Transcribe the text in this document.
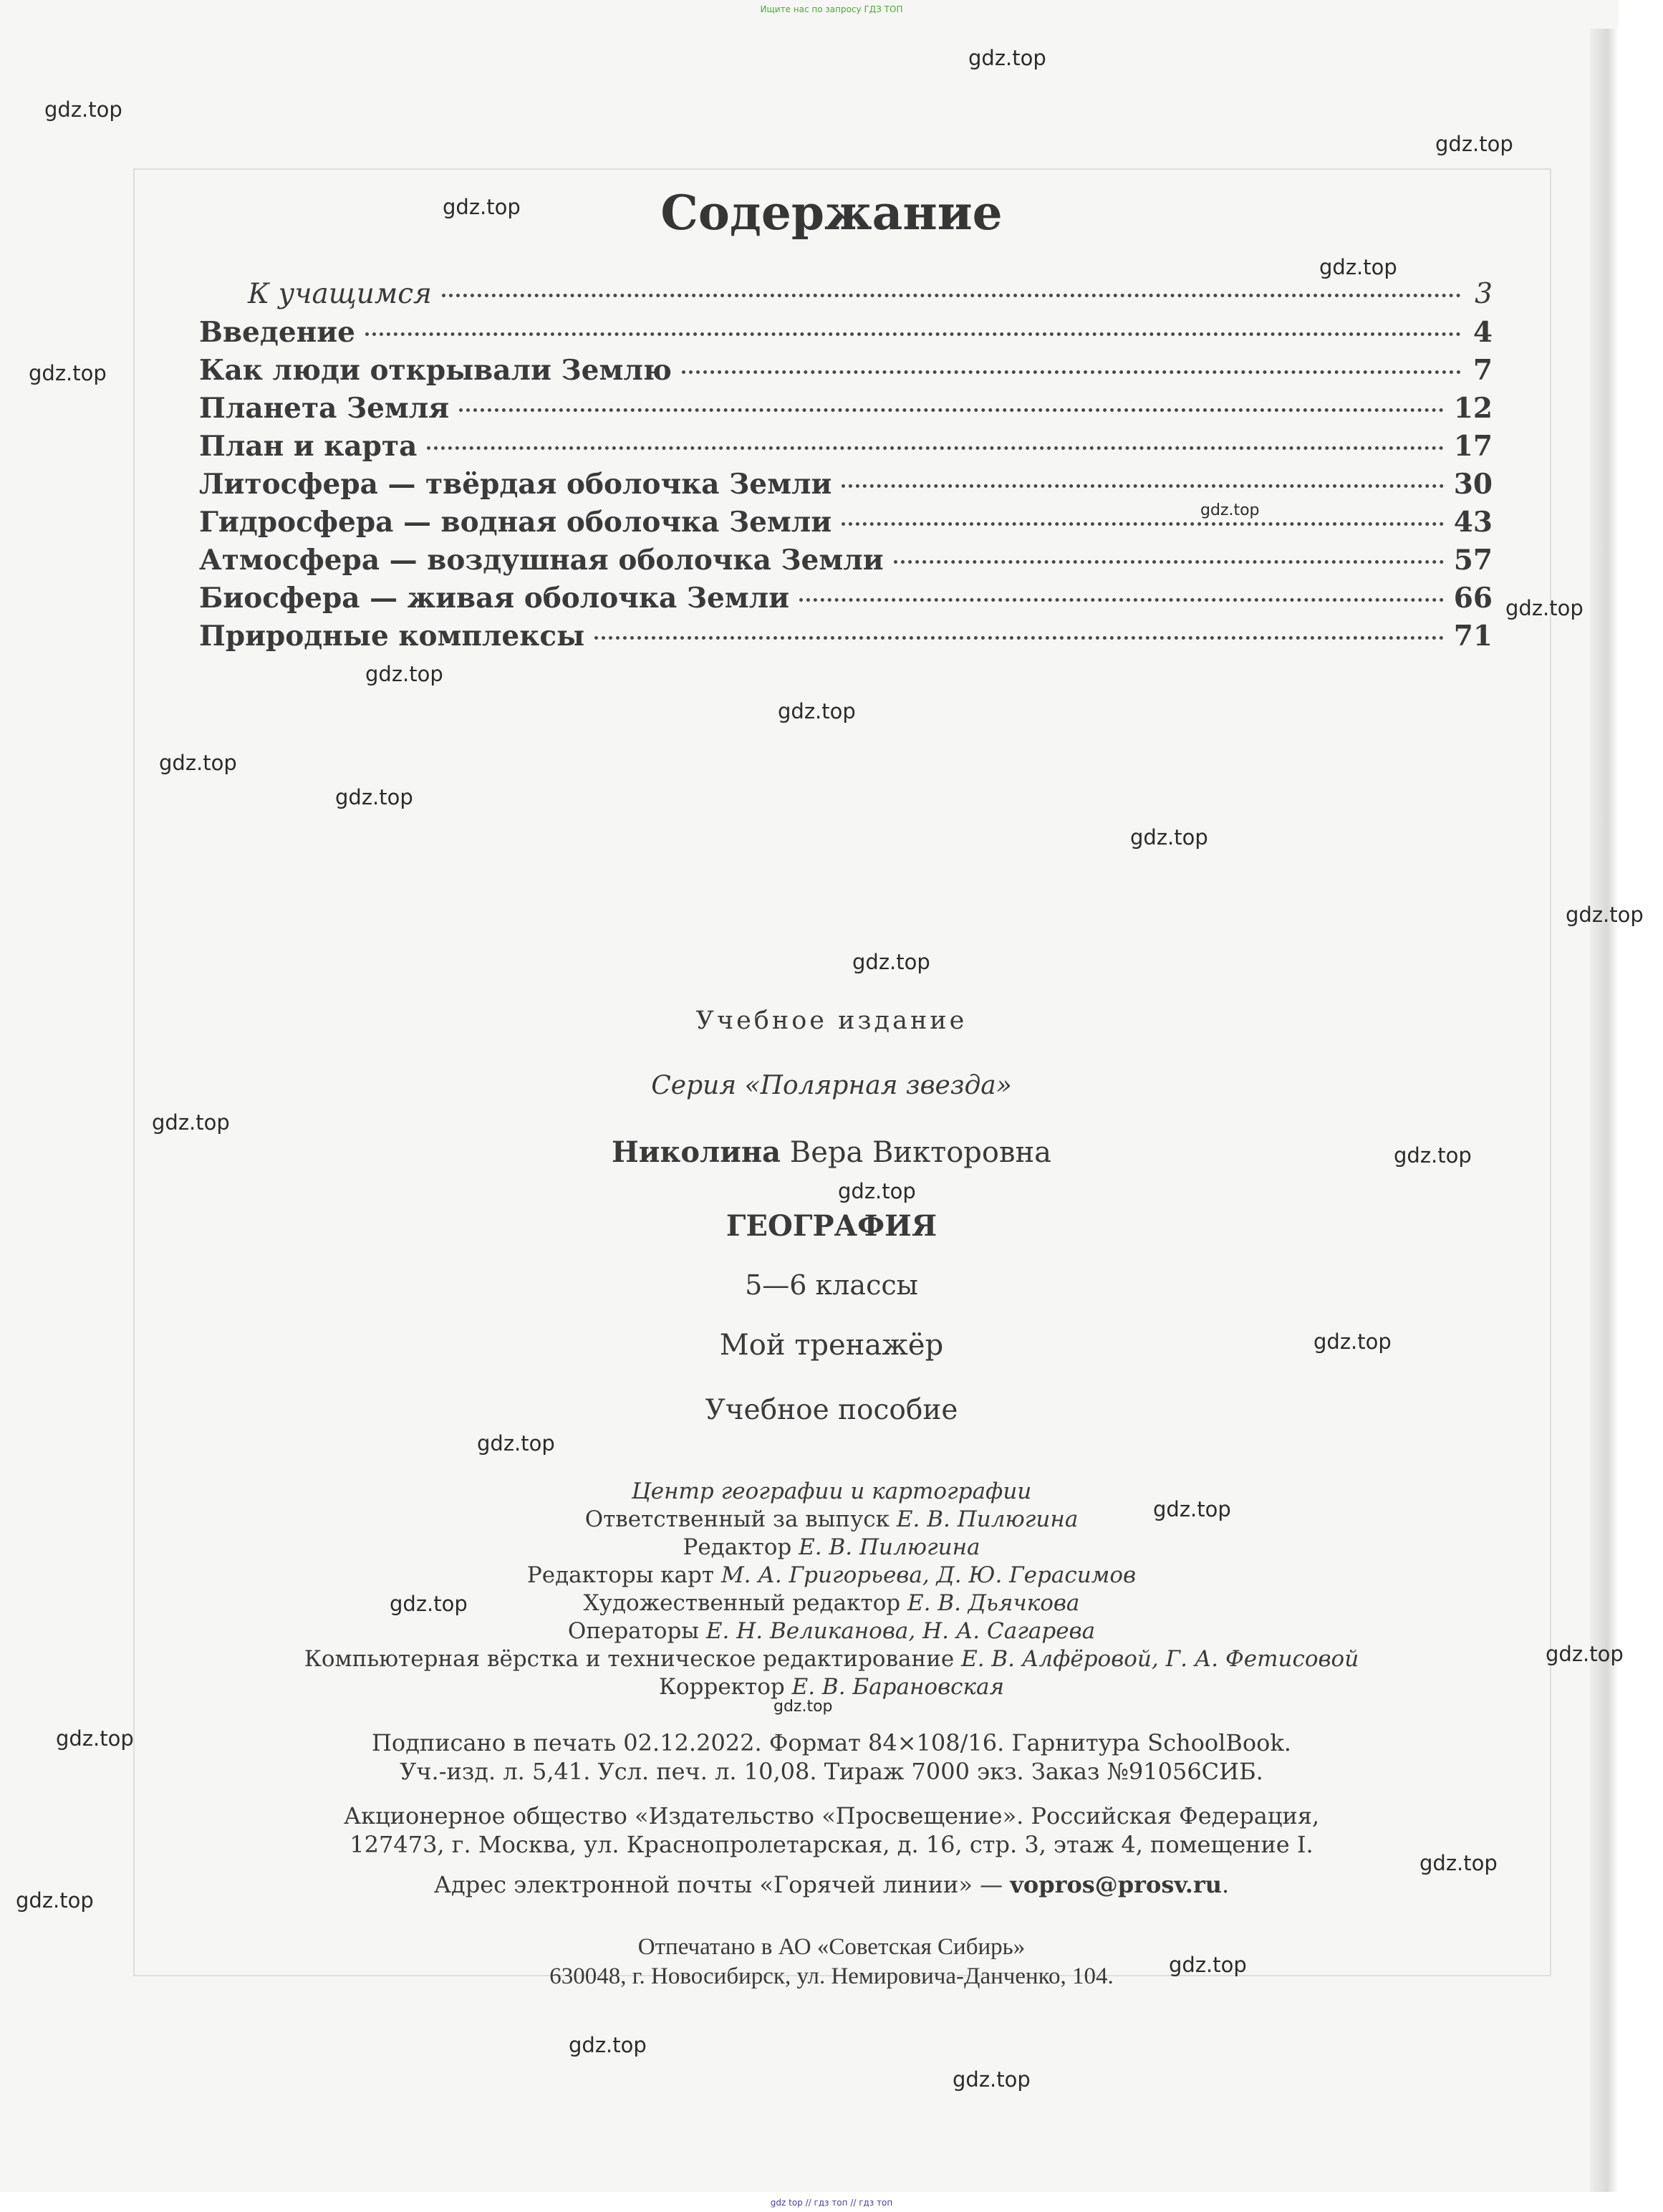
Ищите нас по запросу ГДЗ ТОП
Содержание
К учащимся	3
Введение	4
Как люди открывали Землю	7
Планета Земля	12
План и карта	17
Литосфера — твёрдая оболочка Земли	30
Гидросфера — водная оболочка Земли	43
Атмосфера — воздушная оболочка Земли	57
Биосфера — живая оболочка Земли	66
Природные комплексы	71
Учебное издание
Серия «Полярная звезда»
Николина Вера Викторовна
ГЕОГРАФИЯ
5—6 классы
Мой тренажёр
Учебное пособие
Центр географии и картографии
Ответственный за выпуск Е. В. Пилюгина
Редактор Е. В. Пилюгина
Редакторы карт М. А. Григорьева, Д. Ю. Герасимов
Художественный редактор Е. В. Дьячкова
Операторы Е. Н. Великанова, Н. А. Сагарева
Компьютерная вёрстка и техническое редактирование Е. В. Алфёровой, Г. А. Фетисовой
Корректор Е. В. Барановская
Подписано в печать 02.12.2022. Формат 84×108/16. Гарнитура SchoolBook.
Уч.-изд. л. 5,41. Усл. печ. л. 10,08. Тираж 7000 экз. Заказ №91056СИБ.
Акционерное общество «Издательство «Просвещение». Российская Федерация,
127473, г. Москва, ул. Краснопролетарская, д. 16, стр. 3, этаж 4, помещение I.
Адрес электронной почты «Горячей линии» — vopros@prosv.ru.
Отпечатано в АО «Советская Сибирь»
630048, г. Новосибирск, ул. Немировича-Данченко, 104.
gdz.top
gdz.top
gdz.top
gdz.top
gdz.top
gdz.top
gdz.top
gdz.top
gdz.top
gdz.top
gdz.top
gdz.top
gdz.top
gdz.top
gdz.top
gdz.top
gdz.top
gdz.top
gdz.top
gdz.top
gdz.top
gdz.top
gdz.top
gdz.top
gdz.top
gdz.top
gdz.top
gdz.top
gdz.top
gdz.top
gdz top // гдз топ // гдз топ
